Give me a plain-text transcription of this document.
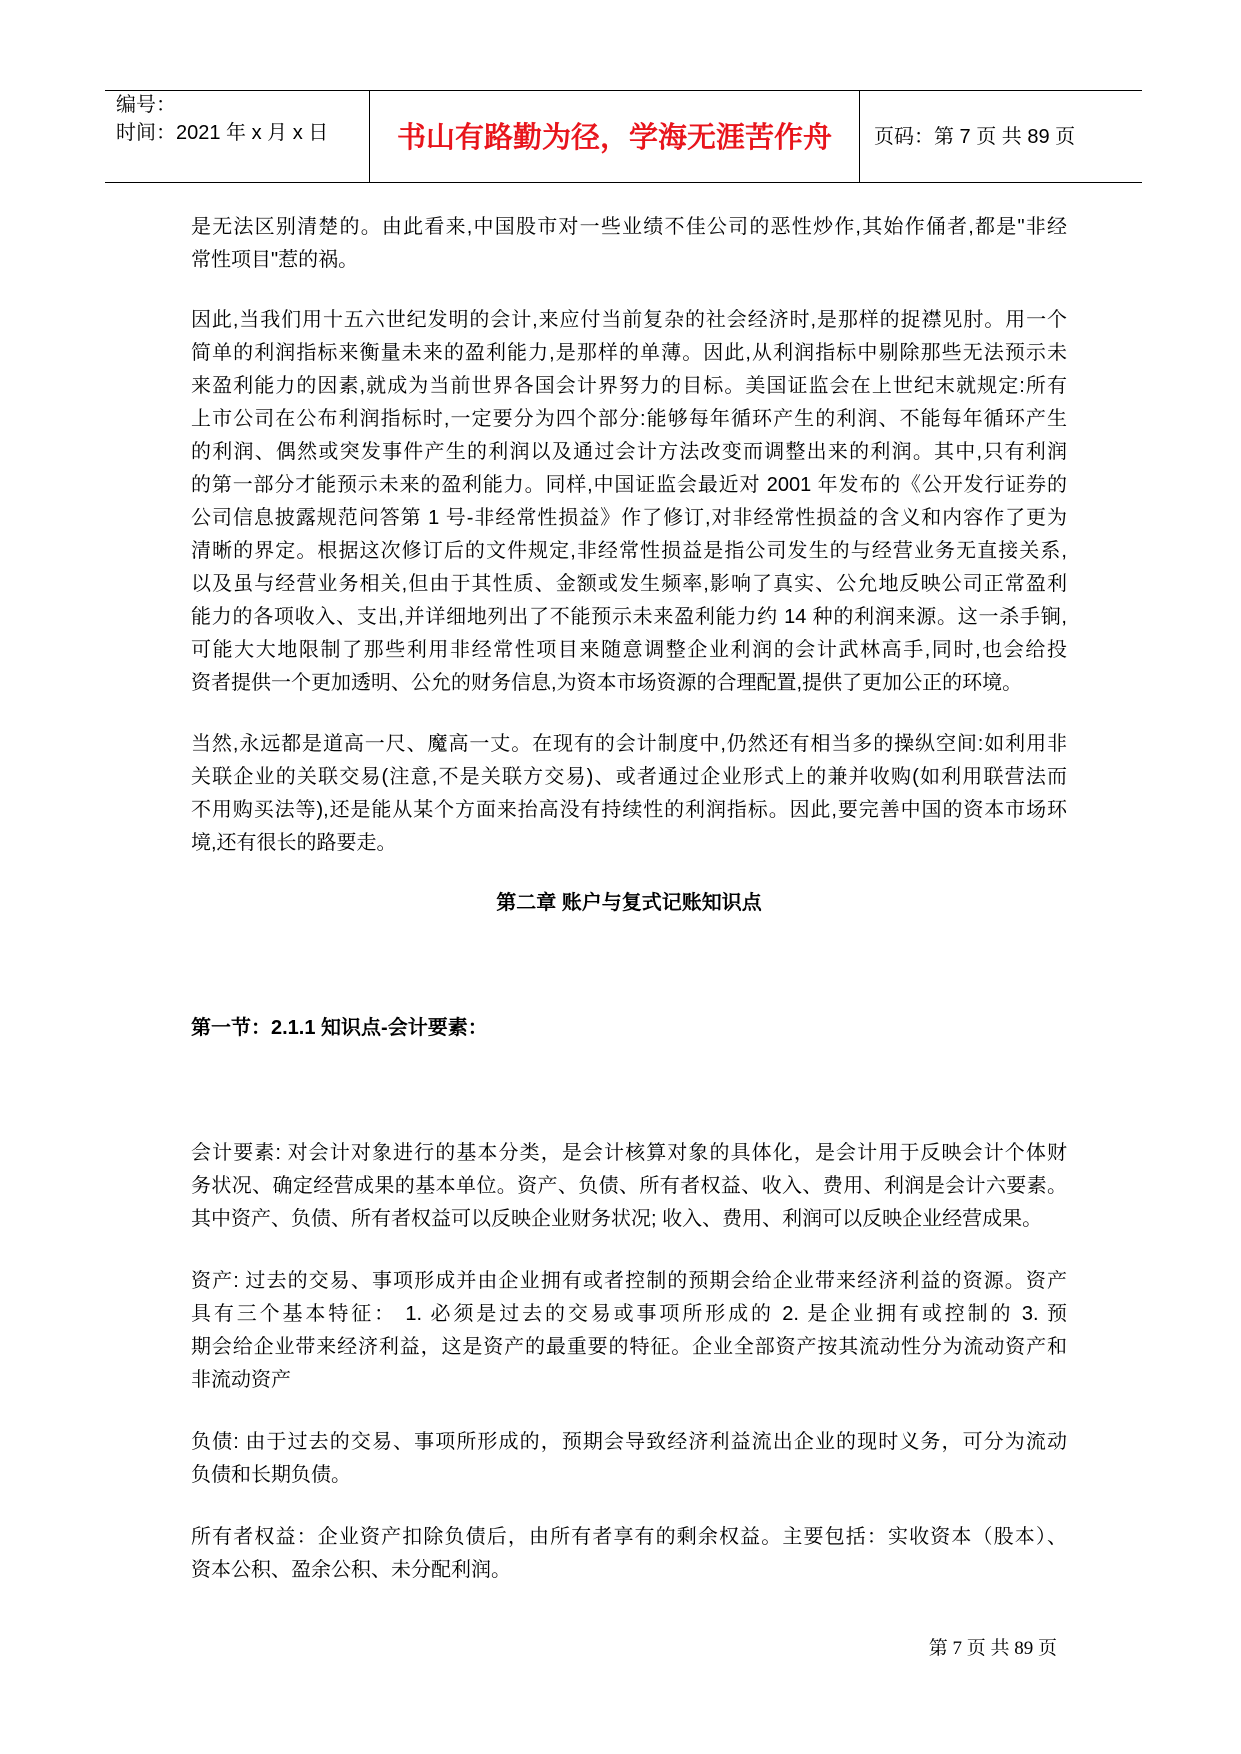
编号：
时间：2021 年 x 月 x 日	书山有路勤为径，学海无涯苦作舟	页码：第 7 页 共 89 页
是无法区别清楚的。由此看来,中国股市对一些业绩不佳公司的恶性炒作,其始作俑者,都是"非经
常性项目"惹的祸。
因此,当我们用十五六世纪发明的会计,来应付当前复杂的社会经济时,是那样的捉襟见肘。用一个
简单的利润指标来衡量未来的盈利能力,是那样的单薄。因此,从利润指标中剔除那些无法预示未
来盈利能力的因素,就成为当前世界各国会计界努力的目标。美国证监会在上世纪末就规定:所有
上市公司在公布利润指标时,一定要分为四个部分:能够每年循环产生的利润、不能每年循环产生
的利润、偶然或突发事件产生的利润以及通过会计方法改变而调整出来的利润。其中,只有利润
的第一部分才能预示未来的盈利能力。同样,中国证监会最近对 2001 年发布的《公开发行证券的
公司信息披露规范问答第 1 号-非经常性损益》作了修订,对非经常性损益的含义和内容作了更为
清晰的界定。根据这次修订后的文件规定,非经常性损益是指公司发生的与经营业务无直接关系,
以及虽与经营业务相关,但由于其性质、金额或发生频率,影响了真实、公允地反映公司正常盈利
能力的各项收入、支出,并详细地列出了不能预示未来盈利能力约 14 种的利润来源。这一杀手锏,
可能大大地限制了那些利用非经常性项目来随意调整企业利润的会计武林高手,同时,也会给投
资者提供一个更加透明、公允的财务信息,为资本市场资源的合理配置,提供了更加公正的环境。
当然,永远都是道高一尺、魔高一丈。在现有的会计制度中,仍然还有相当多的操纵空间:如利用非
关联企业的关联交易(注意,不是关联方交易)、或者通过企业形式上的兼并收购(如利用联营法而
不用购买法等),还是能从某个方面来抬高没有持续性的利润指标。因此,要完善中国的资本市场环
境,还有很长的路要走。
第二章 账户与复式记账知识点
第一节：2.1.1 知识点-会计要素：
会计要素: 对会计对象进行的基本分类，是会计核算对象的具体化，是会计用于反映会计个体财
务状况、确定经营成果的基本单位。资产、负债、所有者权益、收入、费用、利润是会计六要素。
其中资产、负债、所有者权益可以反映企业财务状况; 收入、费用、利润可以反映企业经营成果。
资产: 过去的交易、事项形成并由企业拥有或者控制的预期会给企业带来经济利益的资源。资产
具有三个基本特征： 1. 必须是过去的交易或事项所形成的 2. 是企业拥有或控制的 3. 预
期会给企业带来经济利益，这是资产的最重要的特征。企业全部资产按其流动性分为流动资产和
非流动资产
负债: 由于过去的交易、事项所形成的，预期会导致经济利益流出企业的现时义务，可分为流动
负债和长期负债。
所有者权益：企业资产扣除负债后，由所有者享有的剩余权益。主要包括：实收资本（股本）、
资本公积、盈余公积、未分配利润。
第 7 页 共 89 页
